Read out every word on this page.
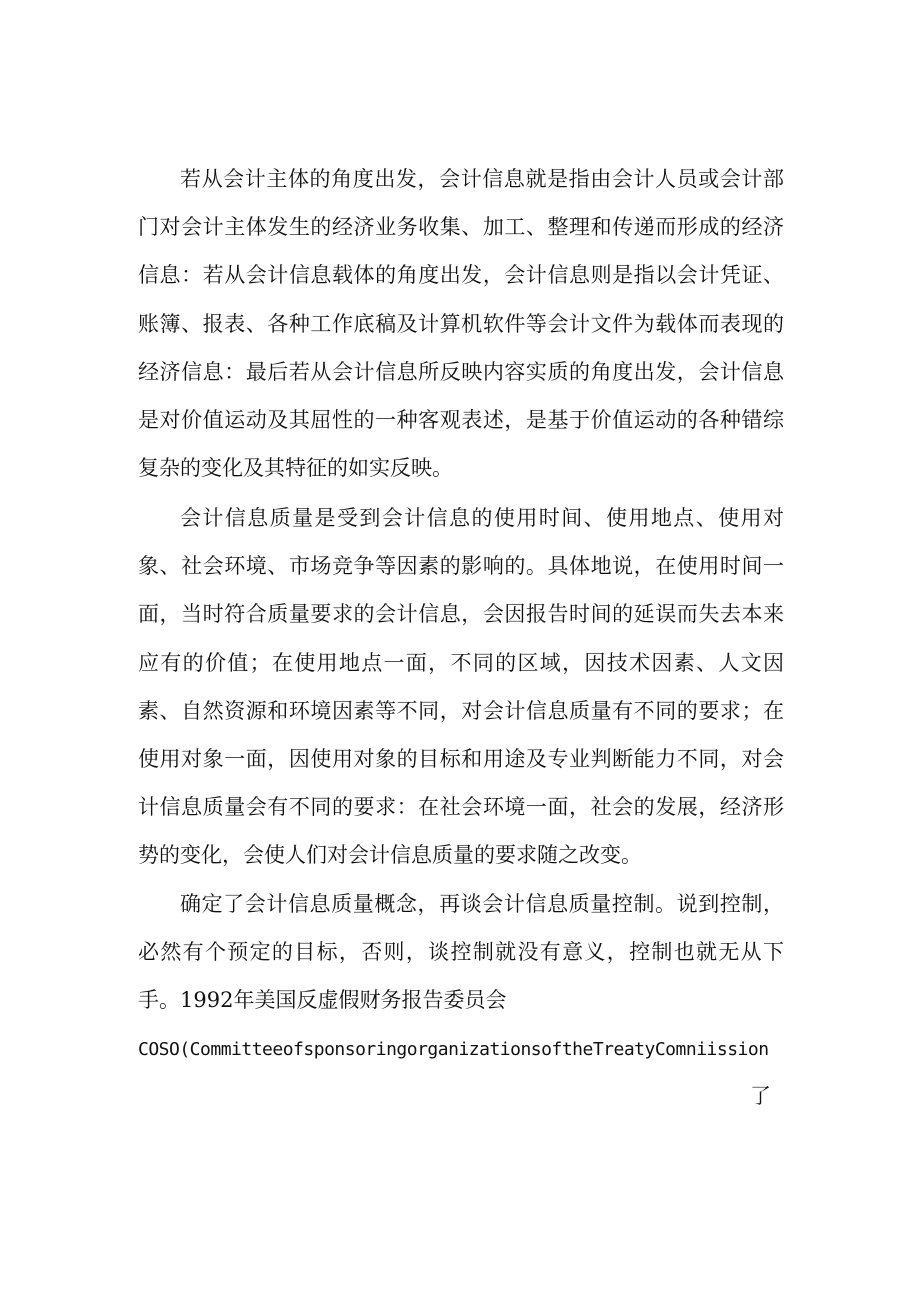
若从会计主体的角度出发，会计信息就是指由会计人员或会计部门对会计主体发生的经济业务收集、加工、整理和传递而形成的经济信息：若从会计信息载体的角度出发，会计信息则是指以会计凭证、账簿、报表、各种工作底稿及计算机软件等会计文件为载体而表现的经济信息：最后若从会计信息所反映内容实质的角度出发，会计信息是对价值运动及其屈性的一种客观表述，是基于价值运动的各种错综复杂的变化及其特征的如实反映。

会计信息质量是受到会计信息的使用时间、使用地点、使用对象、社会环境、市场竞争等因素的影响的。具体地说，在使用时间一面，当时符合质量要求的会计信息，会因报告时间的延误而失去本来应有的价值；在使用地点一面，不同的区域，因技术因素、人文因素、自然资源和环境因素等不同，对会计信息质量有不同的要求；在使用对象一面，因使用对象的目标和用途及专业判断能力不同，对会计信息质量会有不同的要求：在社会环境一面，社会的发展，经济形势的变化，会使人们对会计信息质量的要求随之改变。

确定了会计信息质量概念，再谈会计信息质量控制。说到控制，必然有个预定的目标，否则，谈控制就没有意义，控制也就无从下手。1992年美国反虚假财务报告委员会

COSO(CommitteeofsponsoringorganizationsoftheTreatyComniission

了
